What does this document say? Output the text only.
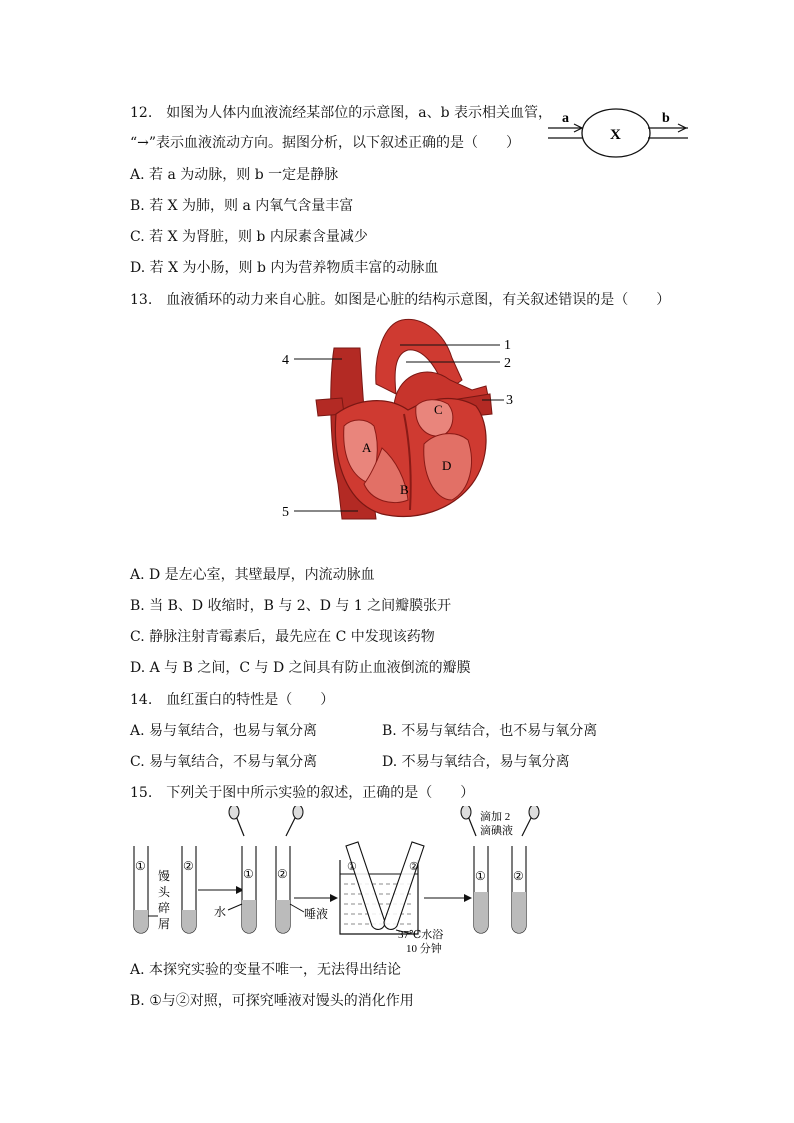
12.　如图为人体内血液流经某部位的示意图，a、b 表示相关血管，
“→”表示血液流动方向。据图分析，以下叙述正确的是（　　）
A. 若 a 为动脉，则 b 一定是静脉
B. 若 X 为肺，则 a 内氧气含量丰富
C. 若 X 为肾脏，则 b 内尿素含量减少
D. 若 X 为小肠，则 b 内为营养物质丰富的动脉血
a
X
b
13.　血液循环的动力来自心脏。如图是心脏的结构示意图，有关叙述错误的是（　　）
1
2
3
4
5
A
B
C
D
A. D 是左心室，其壁最厚，内流动脉血
B. 当 B、D 收缩时，B 与 2、D 与 1 之间瓣膜张开
C. 静脉注射青霉素后，最先应在 C 中发现该药物
D. A 与 B 之间，C 与 D 之间具有防止血液倒流的瓣膜
14.　血红蛋白的特性是（　　）
A. 易与氧结合，也易与氧分离	B. 不易与氧结合，也不易与氧分离
C. 易与氧结合，不易与氧分离	D. 不易与氧结合，易与氧分离
15.　下列关于图中所示实验的叙述，正确的是（　　）
①	②
馒
头
碎
屑
① ②
水	唾液
①	②
37℃水浴
10 分钟
① ②
滴加 2
滴碘液
A. 本探究实验的变量不唯一，无法得出结论
B. ①与②对照，可探究唾液对馒头的消化作用
